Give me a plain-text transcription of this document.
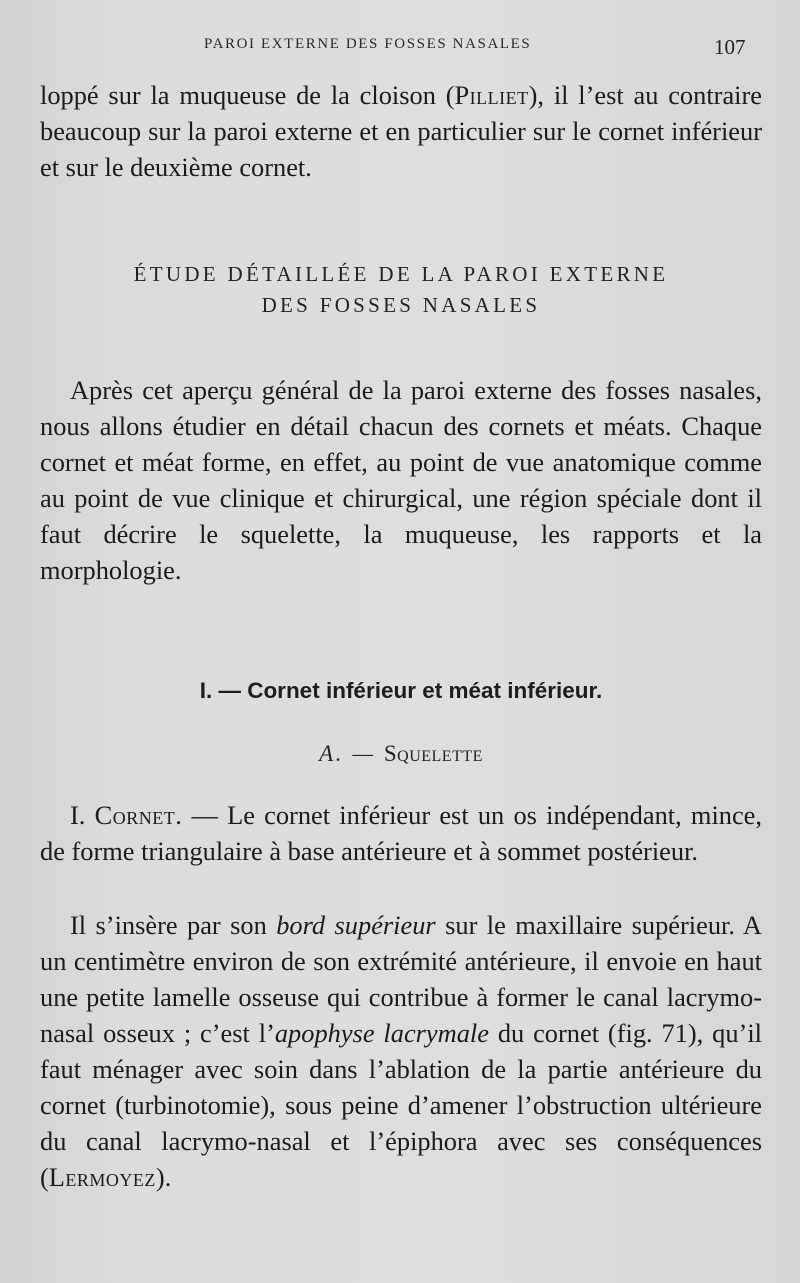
PAROI EXTERNE DES FOSSES NASALES	107

loppé sur la muqueuse de la cloison (Pilliet), il l’est au contraire beaucoup sur la paroi externe et en particulier sur le cornet inférieur et sur le deuxième cornet.

ÉTUDE DÉTAILLÉE DE LA PAROI EXTERNE
DES FOSSES NASALES

Après cet aperçu général de la paroi externe des fosses nasales, nous allons étudier en détail chacun des cornets et méats. Chaque cornet et méat forme, en effet, au point de vue anatomique comme au point de vue clinique et chirurgical, une région spéciale dont il faut décrire le squelette, la muqueuse, les rapports et la morphologie.

I. — Cornet inférieur et méat inférieur.
A. — Squelette

I. Cornet. — Le cornet inférieur est un os indépendant, mince, de forme triangulaire à base antérieure et à sommet postérieur.

Il s’insère par son bord supérieur sur le maxillaire supérieur. A un centimètre environ de son extrémité antérieure, il envoie en haut une petite lamelle osseuse qui contribue à former le canal lacrymo-nasal osseux ; c’est l’apophyse lacrymale du cornet (fig. 71), qu’il faut ménager avec soin dans l’ablation de la partie antérieure du cornet (turbinotomie), sous peine d’amener l’obstruction ultérieure du canal lacrymo-nasal et l’épiphora avec ses conséquences (Lermoyez).
